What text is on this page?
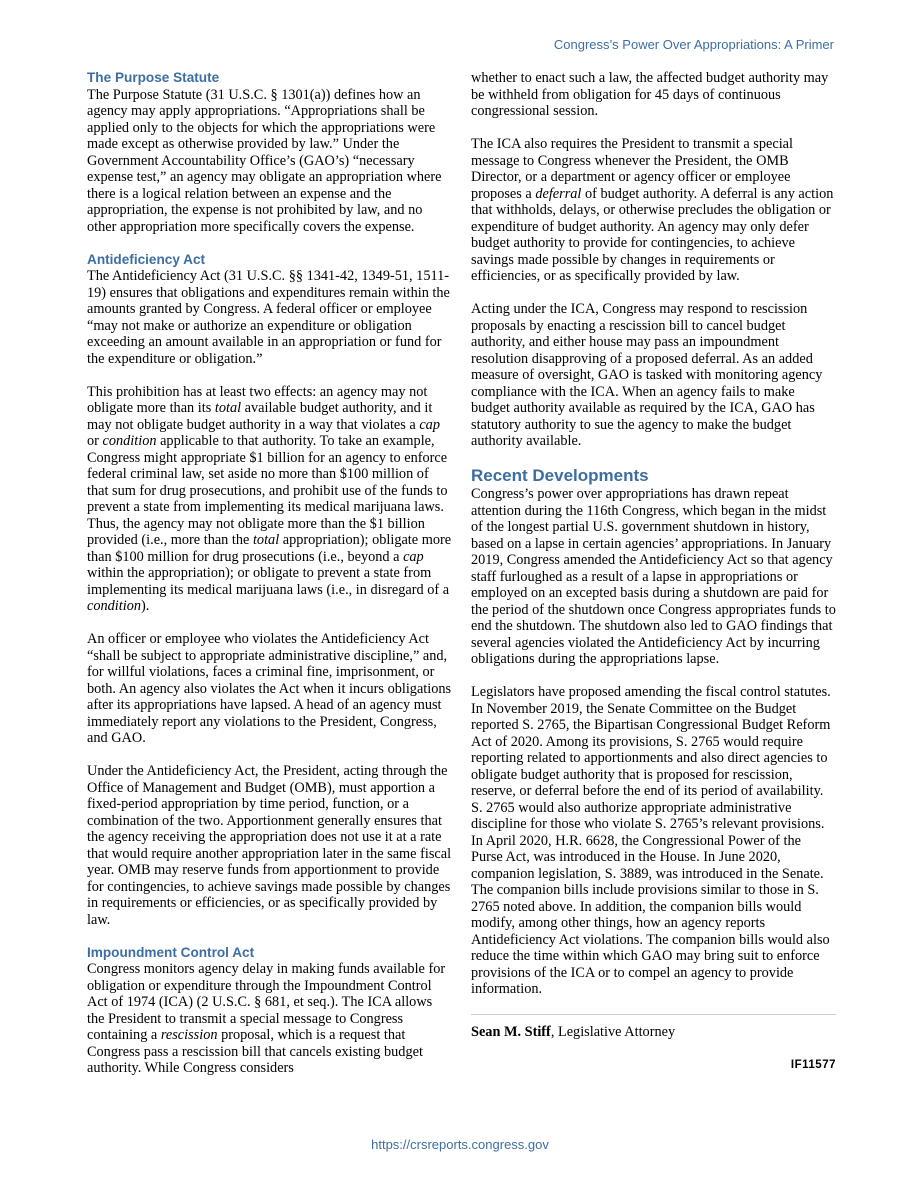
Congress’s Power Over Appropriations: A Primer
The Purpose Statute

The Purpose Statute (31 U.S.C. § 1301(a)) defines how an agency may apply appropriations. “Appropriations shall be applied only to the objects for which the appropriations were made except as otherwise provided by law.” Under the Government Accountability Office’s (GAO’s) “necessary expense test,” an agency may obligate an appropriation where there is a logical relation between an expense and the appropriation, the expense is not prohibited by law, and no other appropriation more specifically covers the expense.

Antideficiency Act

The Antideficiency Act (31 U.S.C. §§ 1341-42, 1349-51, 1511-19) ensures that obligations and expenditures remain within the amounts granted by Congress. A federal officer or employee “may not make or authorize an expenditure or obligation exceeding an amount available in an appropriation or fund for the expenditure or obligation.”

This prohibition has at least two effects: an agency may not obligate more than its total available budget authority, and it may not obligate budget authority in a way that violates a cap or condition applicable to that authority. To take an example, Congress might appropriate $1 billion for an agency to enforce federal criminal law, set aside no more than $100 million of that sum for drug prosecutions, and prohibit use of the funds to prevent a state from implementing its medical marijuana laws. Thus, the agency may not obligate more than the $1 billion provided (i.e., more than the total appropriation); obligate more than $100 million for drug prosecutions (i.e., beyond a cap within the appropriation); or obligate to prevent a state from implementing its medical marijuana laws (i.e., in disregard of a condition).

An officer or employee who violates the Antideficiency Act “shall be subject to appropriate administrative discipline,” and, for willful violations, faces a criminal fine, imprisonment, or both. An agency also violates the Act when it incurs obligations after its appropriations have lapsed. A head of an agency must immediately report any violations to the President, Congress, and GAO.

Under the Antideficiency Act, the President, acting through the Office of Management and Budget (OMB), must apportion a fixed-period appropriation by time period, function, or a combination of the two. Apportionment generally ensures that the agency receiving the appropriation does not use it at a rate that would require another appropriation later in the same fiscal year. OMB may reserve funds from apportionment to provide for contingencies, to achieve savings made possible by changes in requirements or efficiencies, or as specifically provided by law.

Impoundment Control Act

Congress monitors agency delay in making funds available for obligation or expenditure through the Impoundment Control Act of 1974 (ICA) (2 U.S.C. § 681, et seq.). The ICA allows the President to transmit a special message to Congress containing a rescission proposal, which is a request that Congress pass a rescission bill that cancels existing budget authority. While Congress considers

whether to enact such a law, the affected budget authority may be withheld from obligation for 45 days of continuous congressional session.

The ICA also requires the President to transmit a special message to Congress whenever the President, the OMB Director, or a department or agency officer or employee proposes a deferral of budget authority. A deferral is any action that withholds, delays, or otherwise precludes the obligation or expenditure of budget authority. An agency may only defer budget authority to provide for contingencies, to achieve savings made possible by changes in requirements or efficiencies, or as specifically provided by law.

Acting under the ICA, Congress may respond to rescission proposals by enacting a rescission bill to cancel budget authority, and either house may pass an impoundment resolution disapproving of a proposed deferral. As an added measure of oversight, GAO is tasked with monitoring agency compliance with the ICA. When an agency fails to make budget authority available as required by the ICA, GAO has statutory authority to sue the agency to make the budget authority available.

Recent Developments

Congress’s power over appropriations has drawn repeat attention during the 116th Congress, which began in the midst of the longest partial U.S. government shutdown in history, based on a lapse in certain agencies’ appropriations. In January 2019, Congress amended the Antideficiency Act so that agency staff furloughed as a result of a lapse in appropriations or employed on an excepted basis during a shutdown are paid for the period of the shutdown once Congress appropriates funds to end the shutdown. The shutdown also led to GAO findings that several agencies violated the Antideficiency Act by incurring obligations during the appropriations lapse.

Legislators have proposed amending the fiscal control statutes. In November 2019, the Senate Committee on the Budget reported S. 2765, the Bipartisan Congressional Budget Reform Act of 2020. Among its provisions, S. 2765 would require reporting related to apportionments and also direct agencies to obligate budget authority that is proposed for rescission, reserve, or deferral before the end of its period of availability. S. 2765 would also authorize appropriate administrative discipline for those who violate S. 2765’s relevant provisions. In April 2020, H.R. 6628, the Congressional Power of the Purse Act, was introduced in the House. In June 2020, companion legislation, S. 3889, was introduced in the Senate. The companion bills include provisions similar to those in S. 2765 noted above. In addition, the companion bills would modify, among other things, how an agency reports Antideficiency Act violations. The companion bills would also reduce the time within which GAO may bring suit to enforce provisions of the ICA or to compel an agency to provide information.

Sean M. Stiff, Legislative Attorney

IF11577
https://crsreports.congress.gov
